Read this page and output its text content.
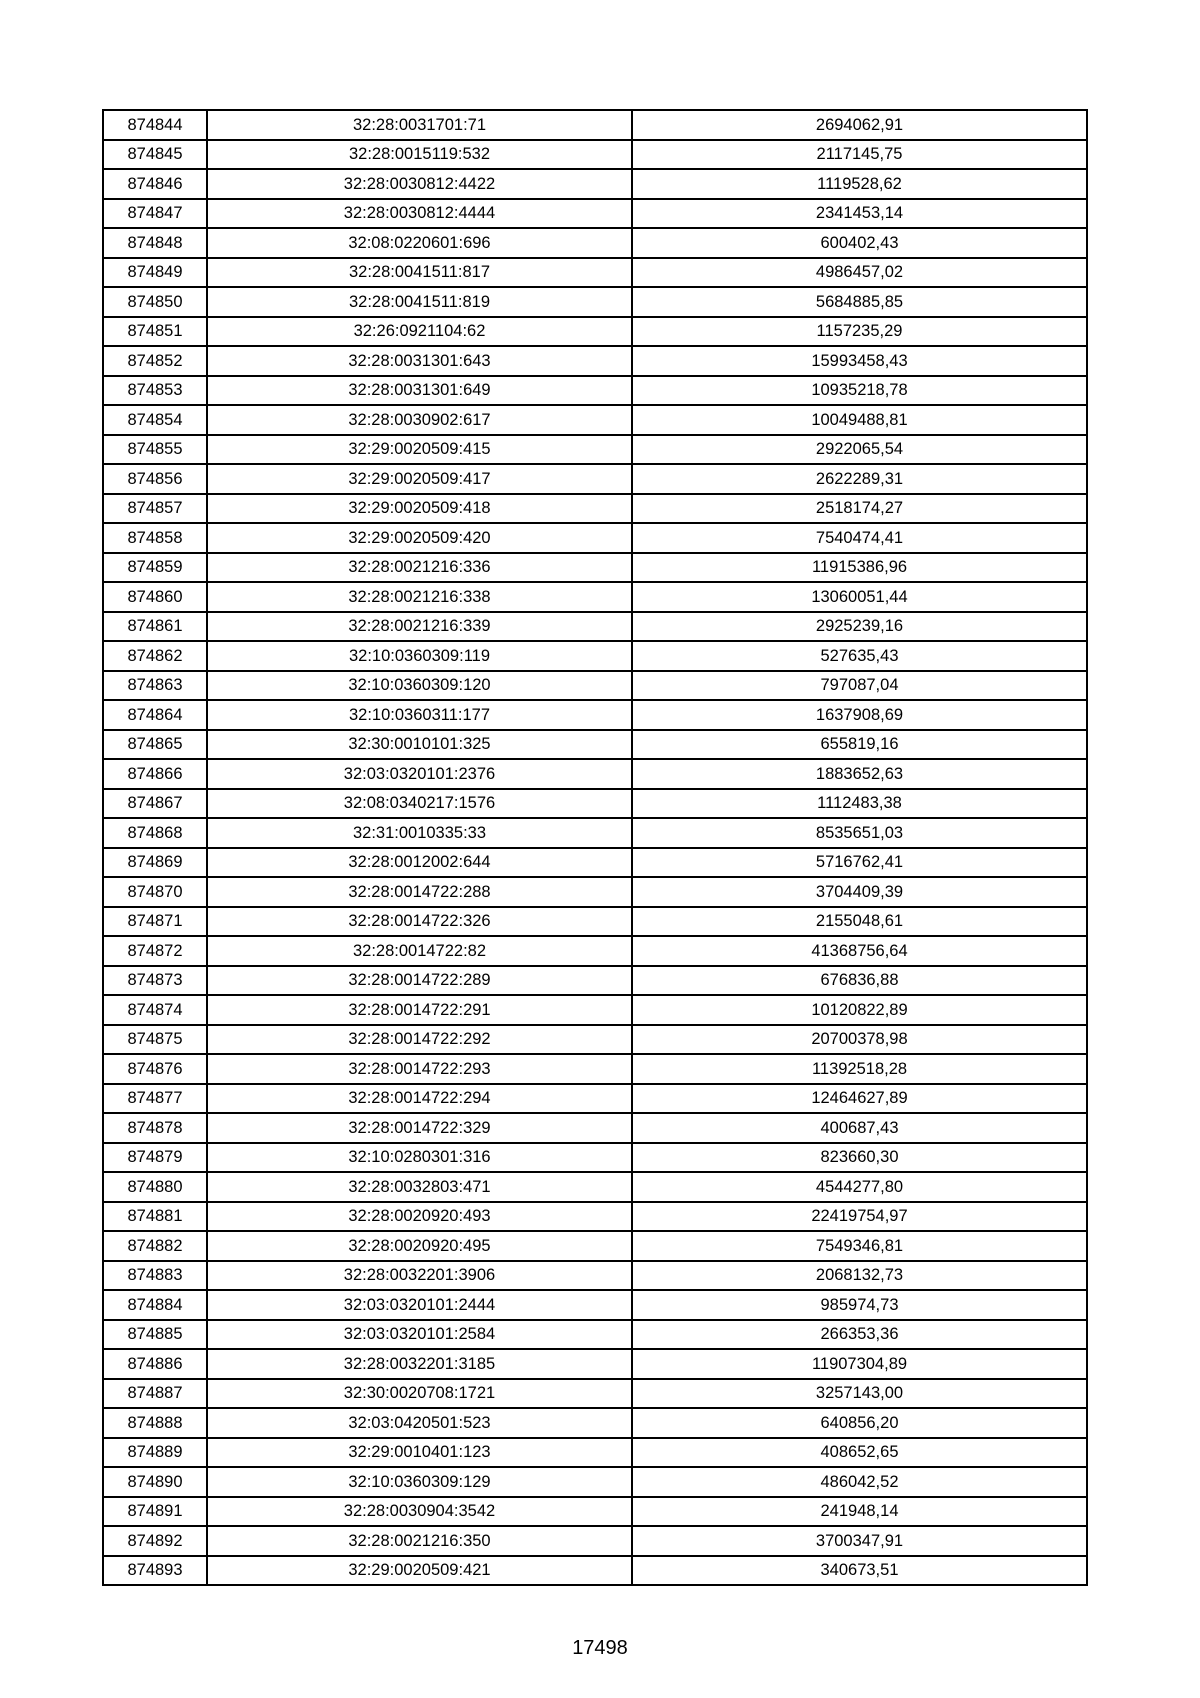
874844	32:28:0031701:71	2694062,91
874845	32:28:0015119:532	2117145,75
874846	32:28:0030812:4422	1119528,62
874847	32:28:0030812:4444	2341453,14
874848	32:08:0220601:696	600402,43
874849	32:28:0041511:817	4986457,02
874850	32:28:0041511:819	5684885,85
874851	32:26:0921104:62	1157235,29
874852	32:28:0031301:643	15993458,43
874853	32:28:0031301:649	10935218,78
874854	32:28:0030902:617	10049488,81
874855	32:29:0020509:415	2922065,54
874856	32:29:0020509:417	2622289,31
874857	32:29:0020509:418	2518174,27
874858	32:29:0020509:420	7540474,41
874859	32:28:0021216:336	11915386,96
874860	32:28:0021216:338	13060051,44
874861	32:28:0021216:339	2925239,16
874862	32:10:0360309:119	527635,43
874863	32:10:0360309:120	797087,04
874864	32:10:0360311:177	1637908,69
874865	32:30:0010101:325	655819,16
874866	32:03:0320101:2376	1883652,63
874867	32:08:0340217:1576	1112483,38
874868	32:31:0010335:33	8535651,03
874869	32:28:0012002:644	5716762,41
874870	32:28:0014722:288	3704409,39
874871	32:28:0014722:326	2155048,61
874872	32:28:0014722:82	41368756,64
874873	32:28:0014722:289	676836,88
874874	32:28:0014722:291	10120822,89
874875	32:28:0014722:292	20700378,98
874876	32:28:0014722:293	11392518,28
874877	32:28:0014722:294	12464627,89
874878	32:28:0014722:329	400687,43
874879	32:10:0280301:316	823660,30
874880	32:28:0032803:471	4544277,80
874881	32:28:0020920:493	22419754,97
874882	32:28:0020920:495	7549346,81
874883	32:28:0032201:3906	2068132,73
874884	32:03:0320101:2444	985974,73
874885	32:03:0320101:2584	266353,36
874886	32:28:0032201:3185	11907304,89
874887	32:30:0020708:1721	3257143,00
874888	32:03:0420501:523	640856,20
874889	32:29:0010401:123	408652,65
874890	32:10:0360309:129	486042,52
874891	32:28:0030904:3542	241948,14
874892	32:28:0021216:350	3700347,91
874893	32:29:0020509:421	340673,51
17498
